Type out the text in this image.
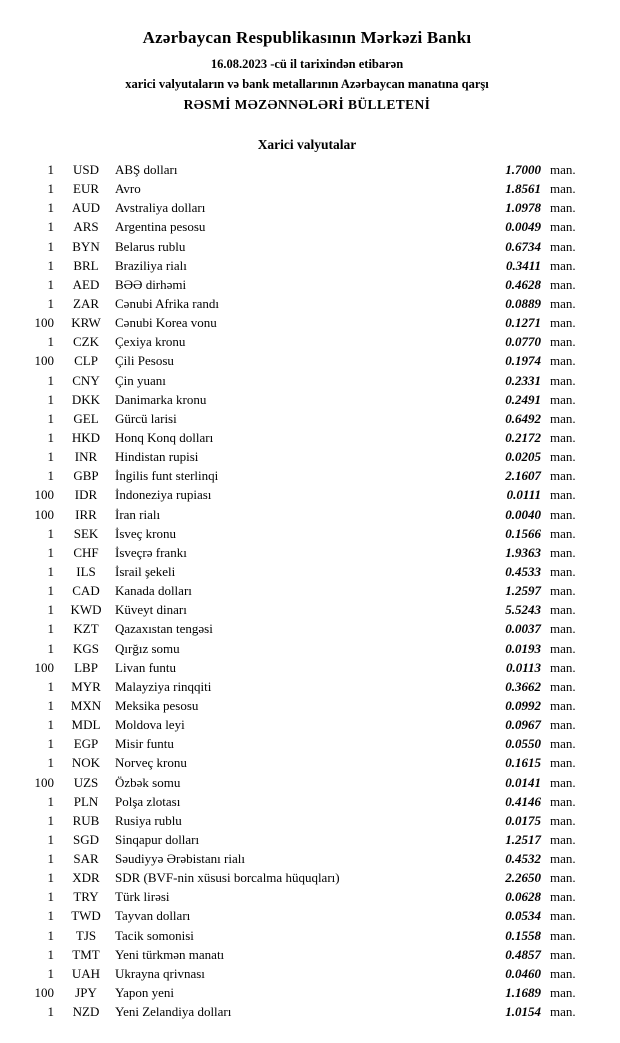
Azərbaycan Respublikasının Mərkəzi Bankı
16.08.2023 -cü il tarixindən etibarən
xarici valyutaların və bank metallarının Azərbaycan manatına qarşı
RƏSMİ MƏZƏNNƏLƏRİ BÜLLETENİ
Xarici valyutalar
1	USD	ABŞ dolları	1.7000 man.
1	EUR	Avro	1.8561 man.
1	AUD	Avstraliya dolları	1.0978 man.
1	ARS	Argentina pesosu	0.0049 man.
1	BYN	Belarus rublu	0.6734 man.
1	BRL	Braziliya rialı	0.3411 man.
1	AED	BƏƏ dirhəmi	0.4628 man.
1	ZAR	Cənubi Afrika randı	0.0889 man.
100	KRW	Cənubi Korea vonu	0.1271 man.
1	CZK	Çexiya kronu	0.0770 man.
100	CLP	Çili Pesosu	0.1974 man.
1	CNY	Çin yuanı	0.2331 man.
1	DKK	Danimarka kronu	0.2491 man.
1	GEL	Gürcü larisi	0.6492 man.
1	HKD	Honq Konq dolları	0.2172 man.
1	INR	Hindistan rupisi	0.0205 man.
1	GBP	İngilis funt sterlinqi	2.1607 man.
100	IDR	İndoneziya rupiası	0.0111 man.
100	IRR	İran rialı	0.0040 man.
1	SEK	İsveç kronu	0.1566 man.
1	CHF	İsveçrə frankı	1.9363 man.
1	ILS	İsrail şekeli	0.4533 man.
1	CAD	Kanada dolları	1.2597 man.
1	KWD	Küveyt dinarı	5.5243 man.
1	KZT	Qazaxıstan tengəsi	0.0037 man.
1	KGS	Qırğız somu	0.0193 man.
100	LBP	Livan funtu	0.0113 man.
1	MYR	Malayziya rinqqiti	0.3662 man.
1	MXN	Meksika pesosu	0.0992 man.
1	MDL	Moldova leyi	0.0967 man.
1	EGP	Misir funtu	0.0550 man.
1	NOK	Norveç kronu	0.1615 man.
100	UZS	Özbək somu	0.0141 man.
1	PLN	Polşa zlotası	0.4146 man.
1	RUB	Rusiya rublu	0.0175 man.
1	SGD	Sinqapur dolları	1.2517 man.
1	SAR	Səudiyyə Ərəbistanı rialı	0.4532 man.
1	XDR	SDR (BVF-nin xüsusi borcalma hüquqları)	2.2650 man.
1	TRY	Türk lirəsi	0.0628 man.
1	TWD	Tayvan dolları	0.0534 man.
1	TJS	Tacik somonisi	0.1558 man.
1	TMT	Yeni türkmən manatı	0.4857 man.
1	UAH	Ukrayna qrivnası	0.0460 man.
100	JPY	Yapon yeni	1.1689 man.
1	NZD	Yeni Zelandiya dolları	1.0154 man.
